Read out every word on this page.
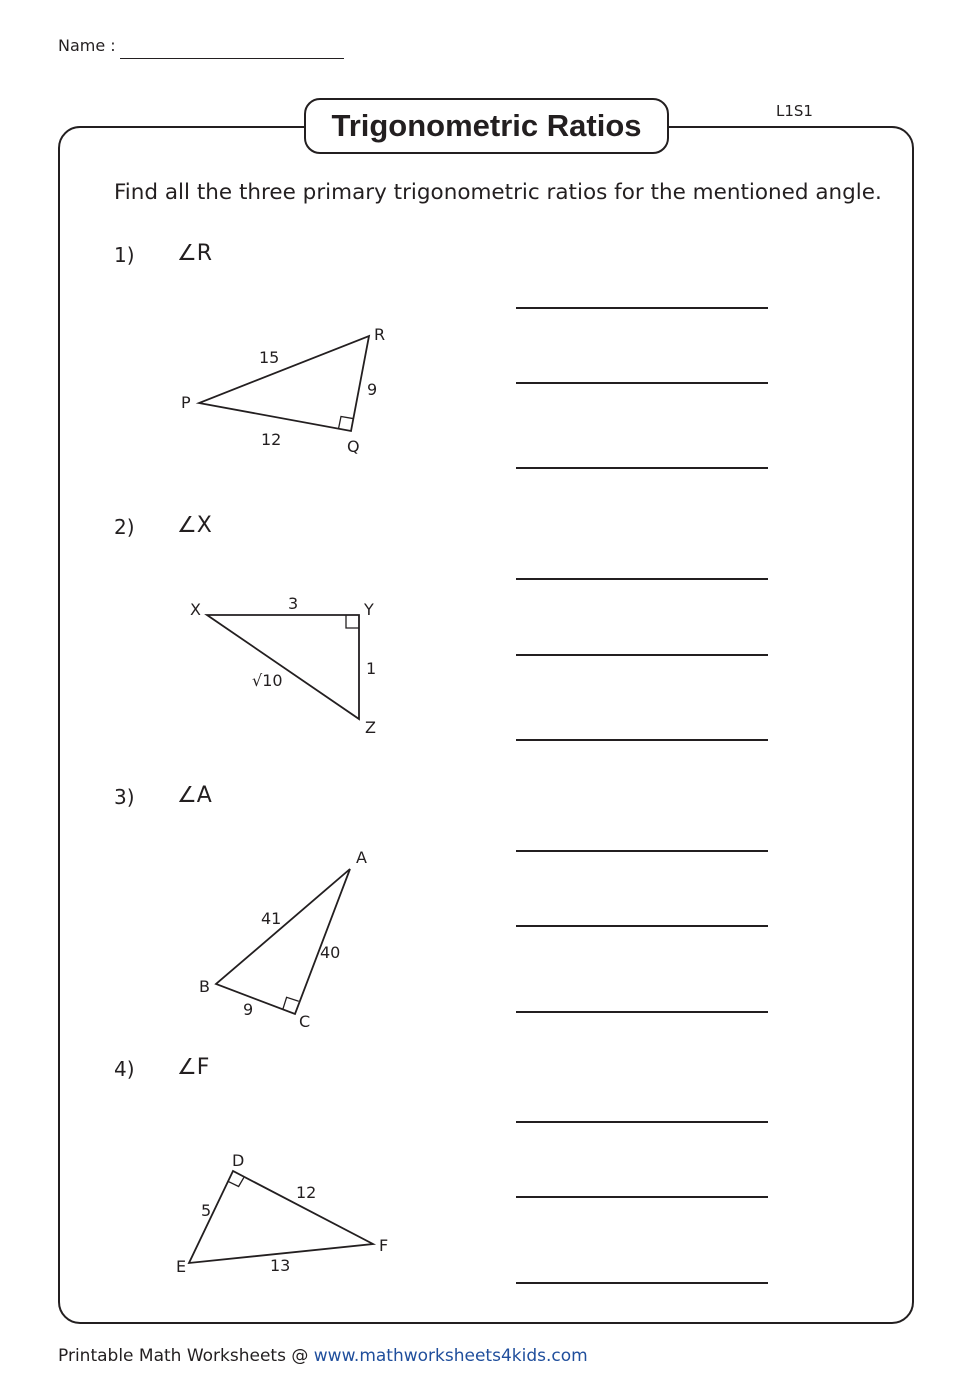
Name :
Trigonometric Ratios	L1S1
Find all the three primary trigonometric ratios for the mentioned angle.
1) ∠R
2) ∠X
3) ∠A
4) ∠F
P
Q
R
15
9
12
X	Y
Z
3
1
√10
A
B
C
41
40
9
D
E
F
12
5
13
Printable Math Worksheets @ www.mathworksheets4kids.com
